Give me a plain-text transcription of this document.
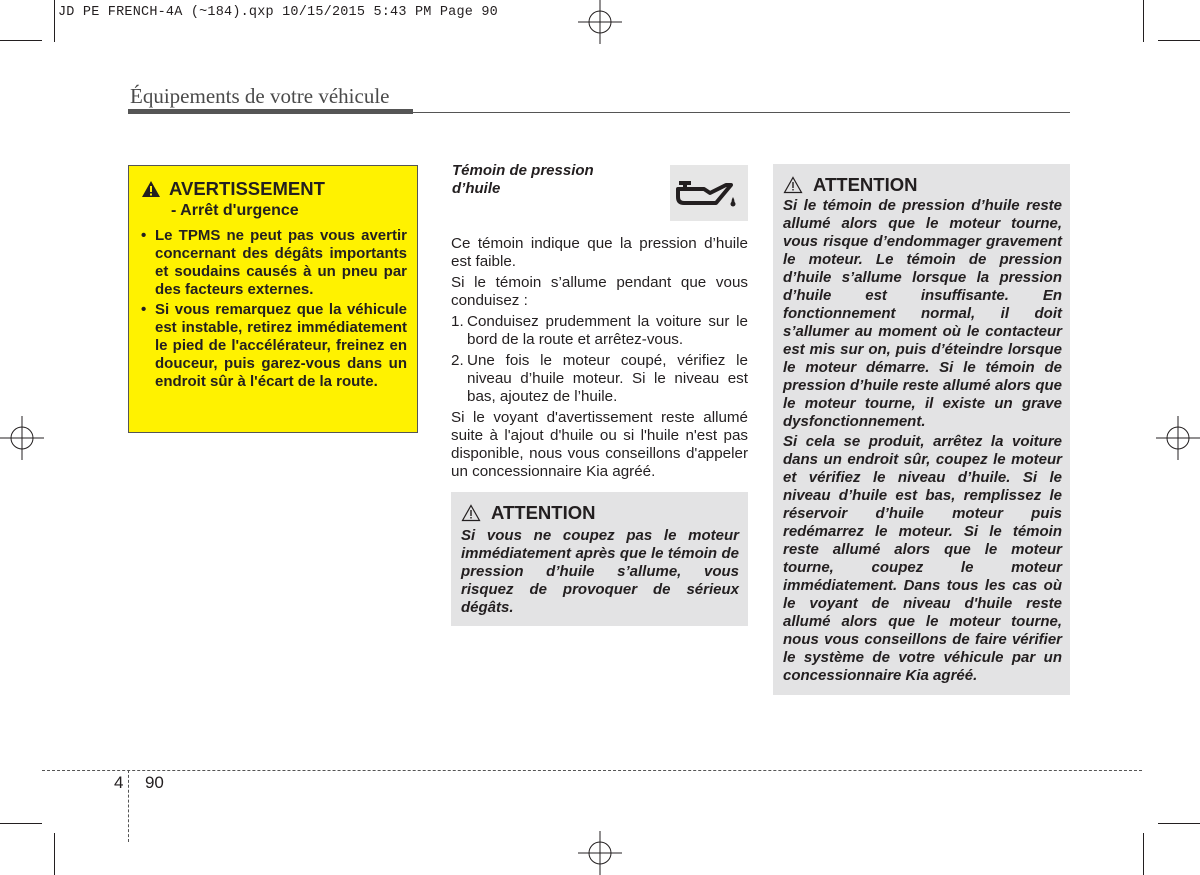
JD PE FRENCH-4A (~184).qxp 10/15/2015 5:43 PM Page 90
Équipements de votre véhicule
AVERTISSEMENT
- Arrêt d'urgence
• Le TPMS ne peut pas vous avertir concernant des dégâts importants et soudains causés à un pneu par des facteurs externes.
• Si vous remarquez que la véhicule est instable, retirez immédiatement le pied de l'accélérateur, freinez en douceur, puis garez-vous dans un endroit sûr à l'écart de la route.
Témoin de pression d’huile

Ce témoin indique que la pression d’huile est faible.

Si le témoin s’allume pendant que vous conduisez :

1. Conduisez prudemment la voiture sur le bord de la route et arrêtez-vous.
2. Une fois le moteur coupé, vérifiez le niveau d’huile moteur. Si le niveau est bas, ajoutez de l’huile.

Si le voyant d'avertissement reste allumé suite à l'ajout d'huile ou si l'huile n'est pas disponible, nous vous conseillons d'appeler un concessionnaire Kia agréé.

ATTENTION
Si vous ne coupez pas le moteur immédiatement après que le témoin de pression d’huile s’allume, vous risquez de provoquer de sérieux dégâts.
ATTENTION

Si le témoin de pression d’huile reste allumé alors que le moteur tourne, vous risque d’endommager gravement le moteur. Le témoin de pression d’huile s’allume lorsque la pression d’huile est insuffisante. En fonctionnement normal, il doit s’allumer au moment où le contacteur est mis sur on, puis d’éteindre lorsque le moteur démarre. Si le témoin de pression d’huile reste allumé alors que le moteur tourne, il existe un grave dysfonctionnement.

Si cela se produit, arrêtez la voiture dans un endroit sûr, coupez le moteur et vérifiez le niveau d’huile. Si le niveau d’huile est bas, remplissez le réservoir d’huile moteur puis redémarrez le moteur. Si le témoin reste allumé alors que le moteur tourne, coupez le moteur immédiatement. Dans tous les cas où le voyant de niveau d'huile reste allumé alors que le moteur tourne, nous vous conseillons de faire vérifier le système de votre véhicule par un concessionnaire Kia agréé.

4 90
